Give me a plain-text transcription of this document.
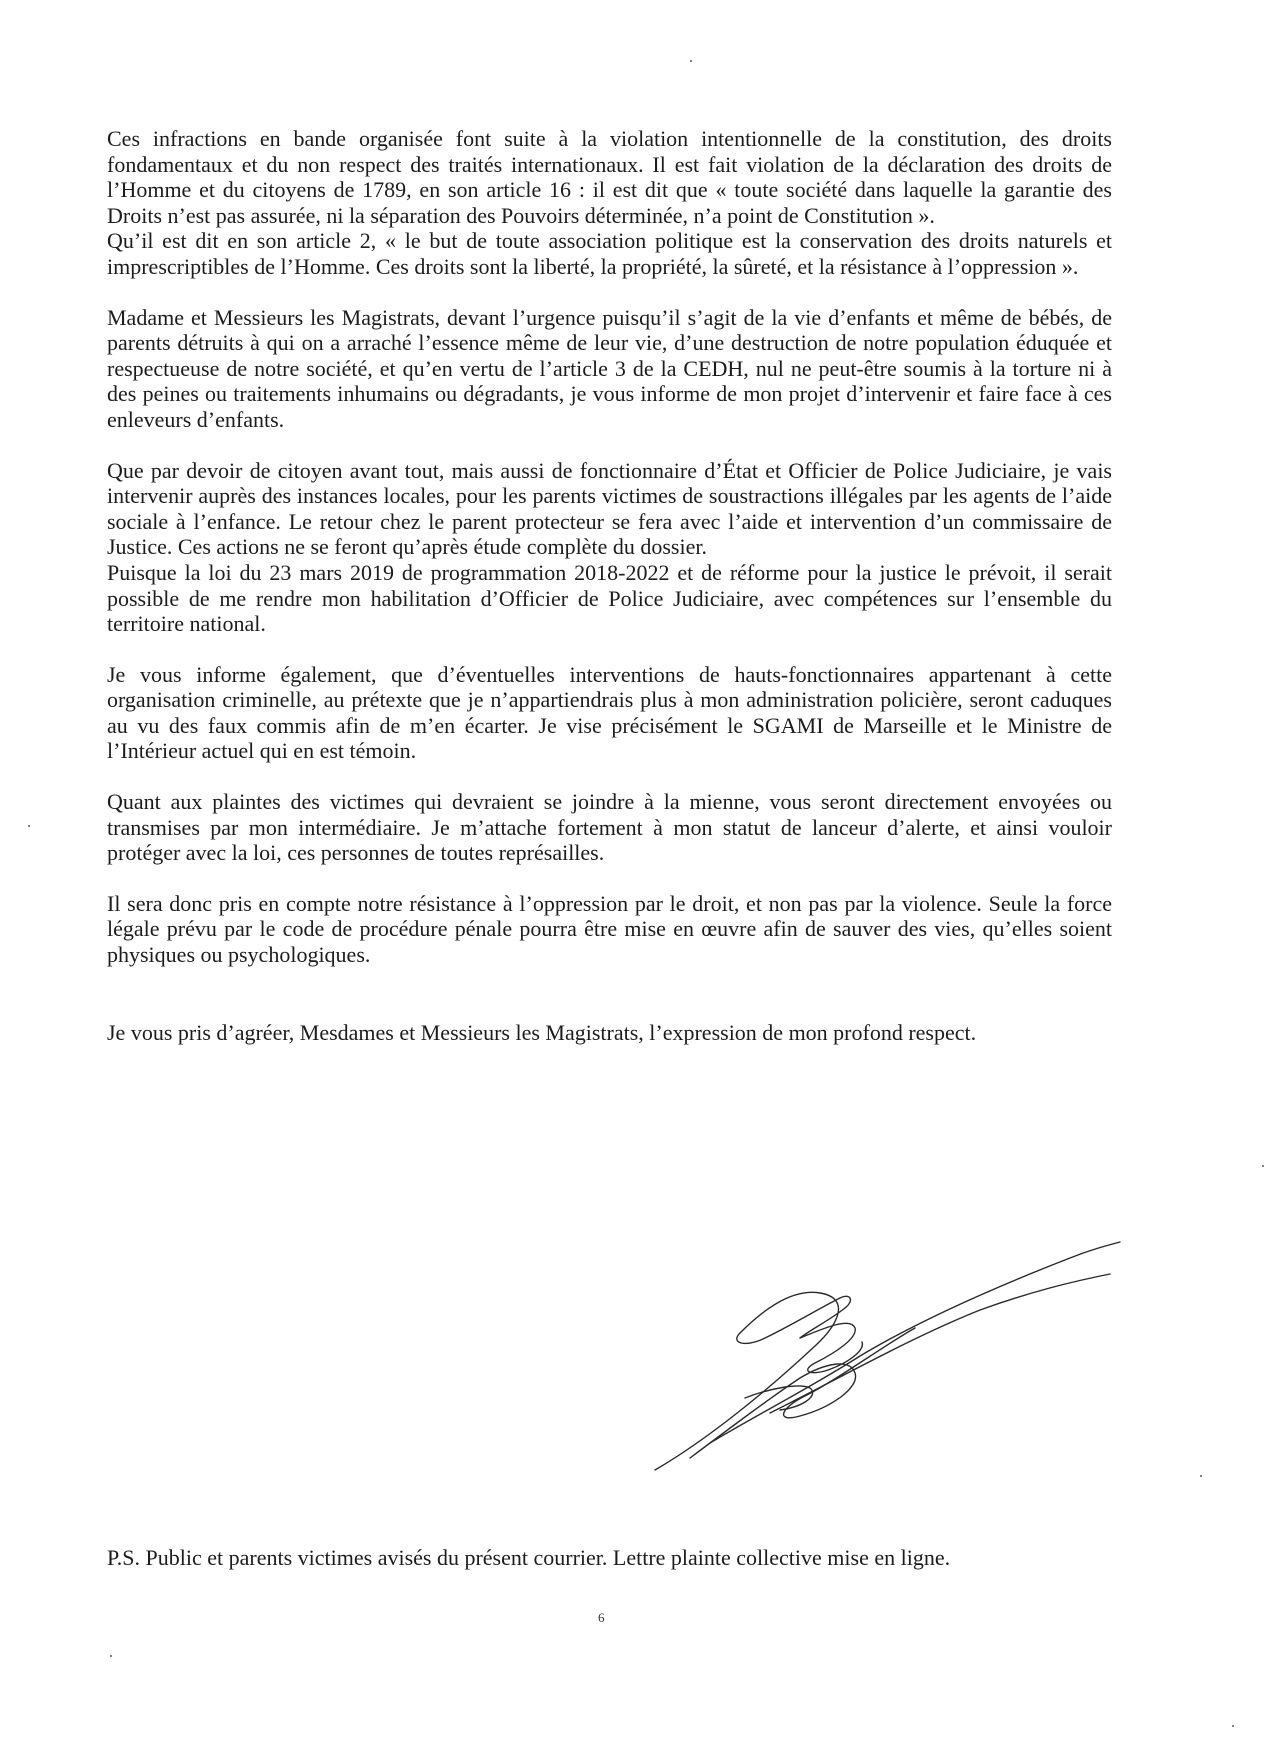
Ces infractions en bande organisée font suite à la violation intentionnelle de la constitution, des droits fondamentaux et du non respect des traités internationaux. Il est fait violation de la déclaration des droits de l’Homme et du citoyens de 1789, en son article 16 : il est dit que « toute société dans laquelle la garantie des Droits n’est pas assurée, ni la séparation des Pouvoirs déterminée, n’a point de Constitution ».

Qu’il est dit en son article 2, « le but de toute association politique est la conservation des droits naturels et imprescriptibles de l’Homme. Ces droits sont la liberté, la propriété, la sûreté, et la résistance à l’oppression ».

Madame et Messieurs les Magistrats, devant l’urgence puisqu’il s’agit de la vie d’enfants et même de bébés, de parents détruits à qui on a arraché l’essence même de leur vie, d’une destruction de notre population éduquée et respectueuse de notre société, et qu’en vertu de l’article 3 de la CEDH, nul ne peut-être soumis à la torture ni à des peines ou traitements inhumains ou dégradants, je vous informe de mon projet d’intervenir et faire face à ces enleveurs d’enfants.

Que par devoir de citoyen avant tout, mais aussi de fonctionnaire d’État et Officier de Police Judiciaire, je vais intervenir auprès des instances locales, pour les parents victimes de soustractions illégales par les agents de l’aide sociale à l’enfance. Le retour chez le parent protecteur se fera avec l’aide et intervention d’un commissaire de Justice. Ces actions ne se feront qu’après étude complète du dossier.

Puisque la loi du 23 mars 2019 de programmation 2018-2022 et de réforme pour la justice le prévoit, il serait possible de me rendre mon habilitation d’Officier de Police Judiciaire, avec compétences sur l’ensemble du territoire national.

Je vous informe également, que d’éventuelles interventions de hauts-fonctionnaires appartenant à cette organisation criminelle, au prétexte que je n’appartiendrais plus à mon administration policière, seront caduques au vu des faux commis afin de m’en écarter. Je vise précisément le SGAMI de Marseille et le Ministre de l’Intérieur actuel qui en est témoin.

Quant aux plaintes des victimes qui devraient se joindre à la mienne, vous seront directement envoyées ou transmises par mon intermédiaire. Je m’attache fortement à mon statut de lanceur d’alerte, et ainsi vouloir protéger avec la loi, ces personnes de toutes représailles.

Il sera donc pris en compte notre résistance à l’oppression par le droit, et non pas par la violence. Seule la force légale prévu par le code de procédure pénale pourra être mise en œuvre afin de sauver des vies, qu’elles soient physiques ou psychologiques.

Je vous pris d’agréer, Mesdames et Messieurs les Magistrats, l’expression de mon profond respect.

P.S. Public et parents victimes avisés du présent courrier. Lettre plainte collective mise en ligne.
6
